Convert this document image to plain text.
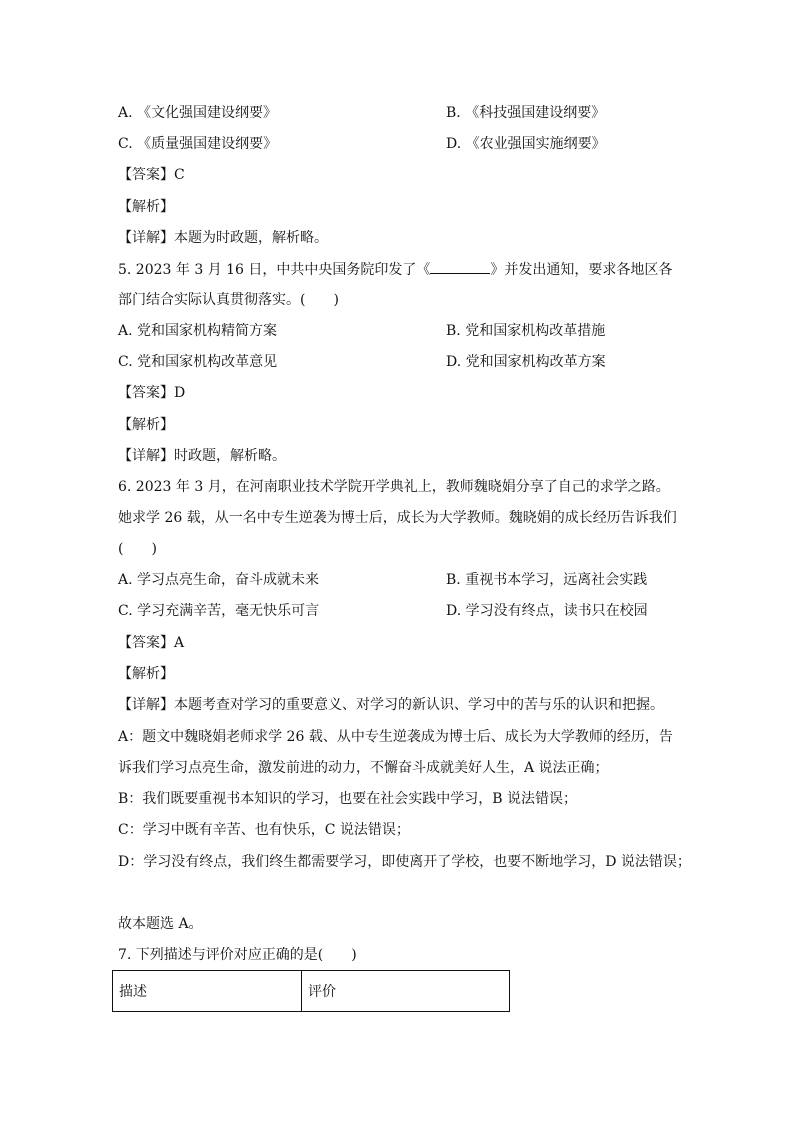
A. 《文化强国建设纲要》	B. 《科技强国建设纲要》
C. 《质量强国建设纲要》	D. 《农业强国实施纲要》
【答案】C
【解析】
【详解】本题为时政题，解析略。
5. 2023 年 3 月 16 日，中共中央国务院印发了《	》并发出通知，要求各地区各
部门结合实际认真贯彻落实。(　　)
A. 党和国家机构精简方案	B. 党和国家机构改革措施
C. 党和国家机构改革意见	D. 党和国家机构改革方案
【答案】D
【解析】
【详解】时政题，解析略。
6. 2023 年 3 月，在河南职业技术学院开学典礼上，教师魏晓娟分享了自己的求学之路。
她求学 26 载，从一名中专生逆袭为博士后，成长为大学教师。魏晓娟的成长经历告诉我们
(　　)
A. 学习点亮生命，奋斗成就未来	B. 重视书本学习，远离社会实践
C. 学习充满辛苦，毫无快乐可言	D. 学习没有终点，读书只在校园
【答案】A
【解析】
【详解】本题考查对学习的重要意义、对学习的新认识、学习中的苦与乐的认识和把握。
A：题文中魏晓娟老师求学 26 载、从中专生逆袭成为博士后、成长为大学教师的经历，告
诉我们学习点亮生命，激发前进的动力，不懈奋斗成就美好人生，A 说法正确；
B：我们既要重视书本知识的学习，也要在社会实践中学习，B 说法错误；
C：学习中既有辛苦、也有快乐，C 说法错误；
D：学习没有终点，我们终生都需要学习，即使离开了学校，也要不断地学习，D 说法错误；
故本题选 A。
7. 下列描述与评价对应正确的是(　　)
描述	评价
